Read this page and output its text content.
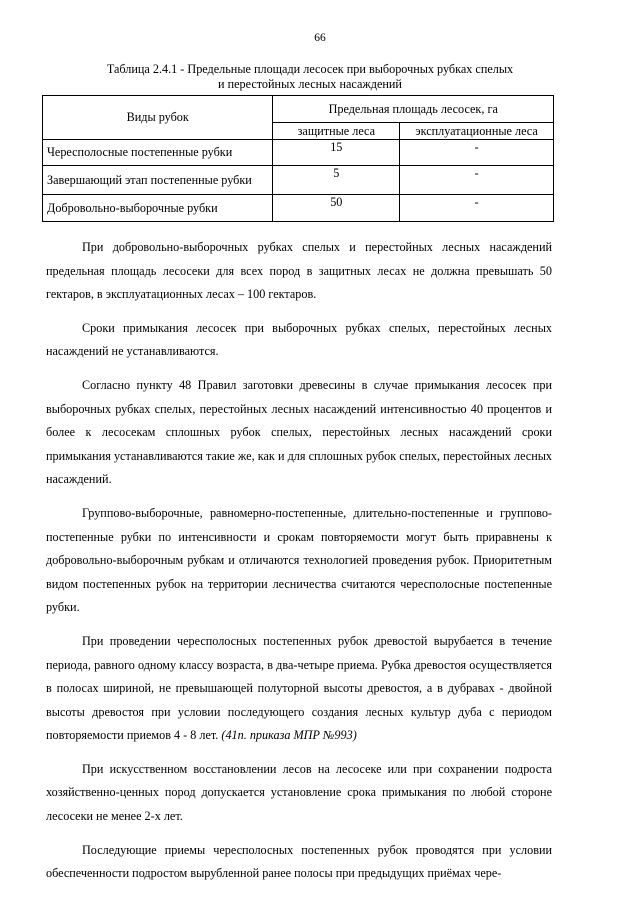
66
Таблица 2.4.1 - Предельные площади лесосек при выборочных рубках спелых
и перестойных лесных насаждений
Виды рубок	Предельная площадь лесосек, га	
	защитные леса	эксплуатационные леса
Чересполосные постепенные рубки	15	-
Завершающий этап постепенные рубки	5	-
Добровольно-выборочные рубки	50	-

При добровольно-выборочных рубках спелых и перестойных лесных насаждений предельная площадь лесосеки для всех пород в защитных лесах не должна превышать 50 гектаров, в эксплуатационных лесах – 100 гектаров.

Сроки примыкания лесосек при выборочных рубках спелых, перестойных лесных насаждений не устанавливаются.

Согласно пункту 48 Правил заготовки древесины в случае примыкания лесосек при выборочных рубках спелых, перестойных лесных насаждений интенсивностью 40 процентов и более к лесосекам сплошных рубок спелых, перестойных лесных насаждений сроки примыкания устанавливаются такие же, как и для сплошных рубок спелых, перестойных лесных насаждений.

Группово-выборочные, равномерно-постепенные, длительно-постепенные и группово-постепенные рубки по интенсивности и срокам повторяемости могут быть приравнены к добровольно-выборочным рубкам и отличаются технологией проведения рубок. Приоритетным видом постепенных рубок на территории лесничества считаются чересполосные постепенные рубки.

При проведении чересполосных постепенных рубок древостой вырубается в течение периода, равного одному классу возраста, в два-четыре приема. Рубка древостоя осуществляется в полосах шириной, не превышающей полуторной высоты древостоя, а в дубравах - двойной высоты древостоя при условии последующего создания лесных культур дуба с периодом повторяемости приемов 4 - 8 лет. (41п. приказа МПР №993)

При искусственном восстановлении лесов на лесосеке или при сохранении подроста хозяйственно-ценных пород допускается установление срока примыкания по любой стороне лесосеки не менее 2-х лет.

Последующие приемы чересполосных постепенных рубок проводятся при условии обеспеченности подростом вырубленной ранее полосы при предыдущих приёмах чере-
